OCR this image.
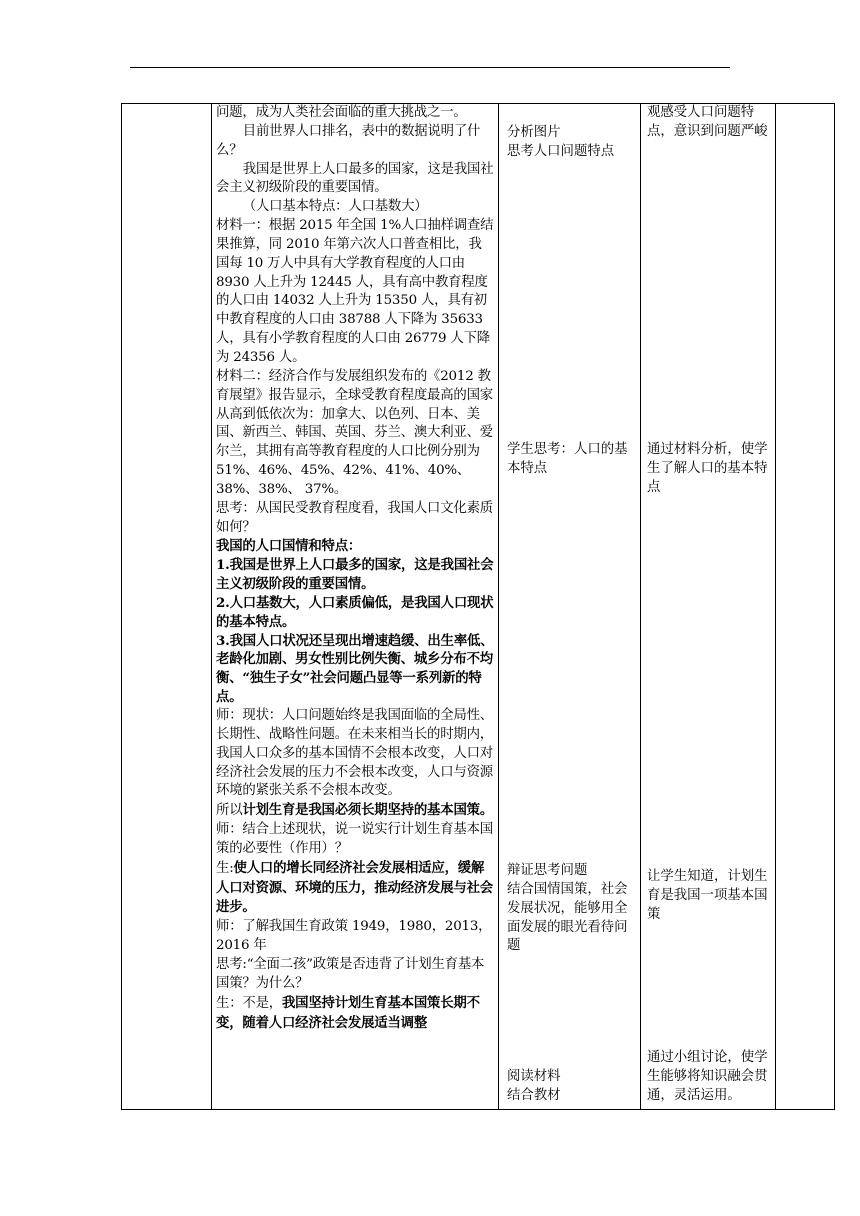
问题，成为人类社会面临的重大挑战之一。

目前世界人口排名，表中的数据说明了什么？

我国是世界上人口最多的国家，这是我国社会主义初级阶段的重要国情。

（人口基本特点：人口基数大）

材料一：根据 2015 年全国 1%人口抽样调查结果推算，同 2010 年第六次人口普查相比，我国每 10 万人中具有大学教育程度的人口由 8930 人上升为 12445 人，具有高中教育程度的人口由 14032 人上升为 15350 人，具有初中教育程度的人口由 38788 人下降为 35633 人，具有小学教育程度的人口由 26779 人下降为 24356 人。

材料二：经济合作与发展组织发布的《2012 教育展望》报告显示，全球受教育程度最高的国家从高到低依次为：加拿大、以色列、日本、美国、新西兰、韩国、英国、芬兰、澳大利亚、爱尔兰，其拥有高等教育程度的人口比例分别为 51%、46%、45%、42%、41%、40%、38%、38%、 37%。

思考：从国民受教育程度看，我国人口文化素质如何？

我国的人口国情和特点：

1.我国是世界上人口最多的国家，这是我国社会主义初级阶段的重要国情。

2.人口基数大，人口素质偏低，是我国人口现状的基本特点。

3.我国人口状况还呈现出增速趋缓、出生率低、老龄化加剧、男女性别比例失衡、城乡分布不均衡、“独生子女”社会问题凸显等一系列新的特点。

师：现状：人口问题始终是我国面临的全局性、长期性、战略性问题。在未来相当长的时期内，我国人口众多的基本国情不会根本改变，人口对经济社会发展的压力不会根本改变，人口与资源环境的紧张关系不会根本改变。

所以计划生育是我国必须长期坚持的基本国策。

师：结合上述现状，说一说实行计划生育基本国策的必要性（作用）？

生:使人口的增长同经济社会发展相适应，缓解人口对资源、环境的压力，推动经济发展与社会进步。

师：了解我国生育政策 1949，1980，2013，2016 年

思考:“全面二孩”政策是否违背了计划生育基本国策？为什么？

生：不是，我国坚持计划生育基本国策长期不变，随着人口经济社会发展适当调整

分析图片
思考人口问题特点
学生思考：人口的基本特点
辩证思考问题
结合国情国策，社会发展状况，能够用全面发展的眼光看待问题
阅读材料
结合教材
观感受人口问题特点，意识到问题严峻
通过材料分析，使学生了解人口的基本特点
让学生知道，计划生育是我国一项基本国策
通过小组讨论，使学生能够将知识融会贯通，灵活运用。
